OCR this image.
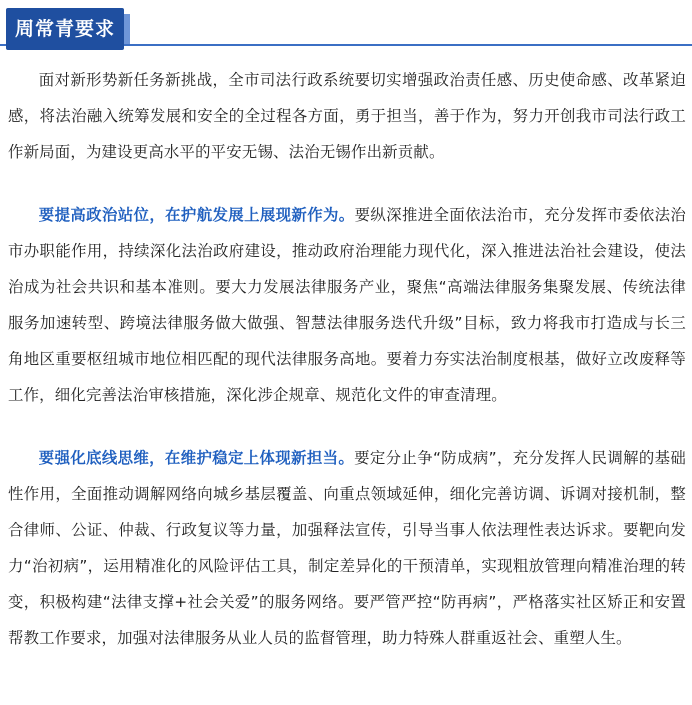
周常青要求

面对新形势新任务新挑战，全市司法行政系统要切实增强政治责任感、历史使命感、改革紧迫感，将法治融入统筹发展和安全的全过程各方面，勇于担当，善于作为，努力开创我市司法行政工作新局面，为建设更高水平的平安无锡、法治无锡作出新贡献。

要提高政治站位，在护航发展上展现新作为。要纵深推进全面依法治市，充分发挥市委依法治市办职能作用，持续深化法治政府建设，推动政府治理能力现代化，深入推进法治社会建设，使法治成为社会共识和基本准则。要大力发展法律服务产业，聚焦“高端法律服务集聚发展、传统法律服务加速转型、跨境法律服务做大做强、智慧法律服务迭代升级”目标，致力将我市打造成与长三角地区重要枢纽城市地位相匹配的现代法律服务高地。要着力夯实法治制度根基，做好立改废释等工作，细化完善法治审核措施，深化涉企规章、规范化文件的审查清理。

要强化底线思维，在维护稳定上体现新担当。要定分止争“防成病”，充分发挥人民调解的基础性作用，全面推动调解网络向城乡基层覆盖、向重点领域延伸，细化完善访调、诉调对接机制，整合律师、公证、仲裁、行政复议等力量，加强释法宣传，引导当事人依法理性表达诉求。要靶向发力“治初病”，运用精准化的风险评估工具，制定差异化的干预清单，实现粗放管理向精准治理的转变，积极构建“法律支撑+社会关爱”的服务网络。要严管严控“防再病”，严格落实社区矫正和安置帮教工作要求，加强对法律服务从业人员的监督管理，助力特殊人群重返社会、重塑人生。
